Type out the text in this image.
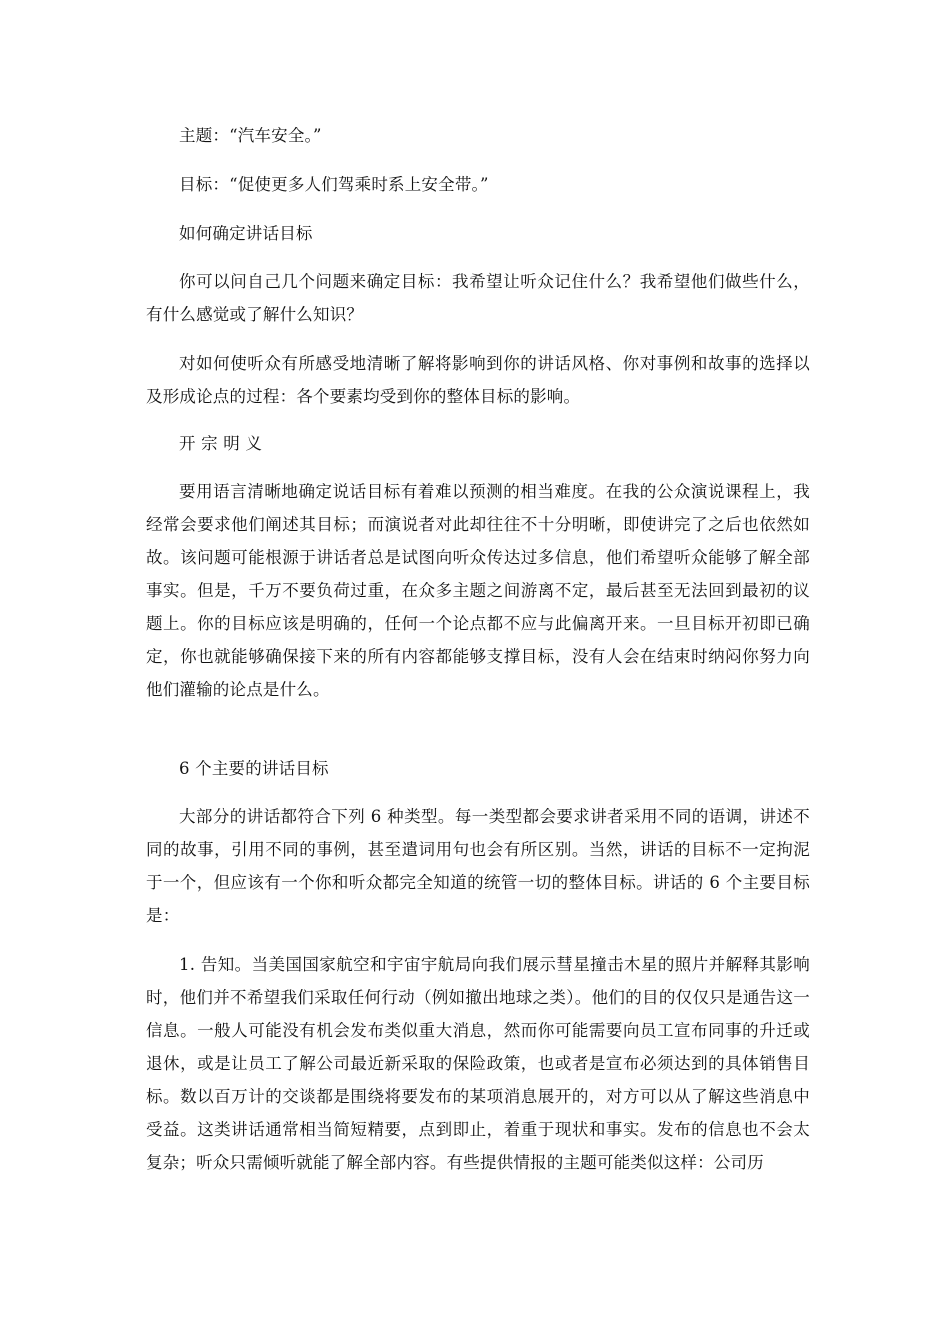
主题：“汽车安全。”

目标：“促使更多人们驾乘时系上安全带。”

如何确定讲话目标

你可以问自己几个问题来确定目标：我希望让听众记住什么？我希望他们做些什么，有什么感觉或了解什么知识？

对如何使听众有所感受地清晰了解将影响到你的讲话风格、你对事例和故事的选择以及形成论点的过程：各个要素均受到你的整体目标的影响。

开 宗 明 义

要用语言清晰地确定说话目标有着难以预测的相当难度。在我的公众演说课程上，我经常会要求他们阐述其目标；而演说者对此却往往不十分明晰，即使讲完了之后也依然如故。该问题可能根源于讲话者总是试图向听众传达过多信息，他们希望听众能够了解全部事实。但是，千万不要负荷过重，在众多主题之间游离不定，最后甚至无法回到最初的议题上。你的目标应该是明确的，任何一个论点都不应与此偏离开来。一旦目标开初即已确定，你也就能够确保接下来的所有内容都能够支撑目标，没有人会在结束时纳闷你努力向他们灌输的论点是什么。

6 个主要的讲话目标

大部分的讲话都符合下列 6 种类型。每一类型都会要求讲者采用不同的语调，讲述不同的故事，引用不同的事例，甚至遣词用句也会有所区别。当然，讲话的目标不一定拘泥于一个，但应该有一个你和听众都完全知道的统管一切的整体目标。讲话的 6 个主要目标是：

1. 告知。当美国国家航空和宇宙宇航局向我们展示彗星撞击木星的照片并解释其影响时，他们并不希望我们采取任何行动（例如撤出地球之类）。他们的目的仅仅只是通告这一信息。一般人可能没有机会发布类似重大消息，然而你可能需要向员工宣布同事的升迁或退休，或是让员工了解公司最近新采取的保险政策，也或者是宣布必须达到的具体销售目标。数以百万计的交谈都是围绕将要发布的某项消息展开的，对方可以从了解这些消息中受益。这类讲话通常相当简短精要，点到即止，着重于现状和事实。发布的信息也不会太复杂；听众只需倾听就能了解全部内容。有些提供情报的主题可能类似这样：公司历
